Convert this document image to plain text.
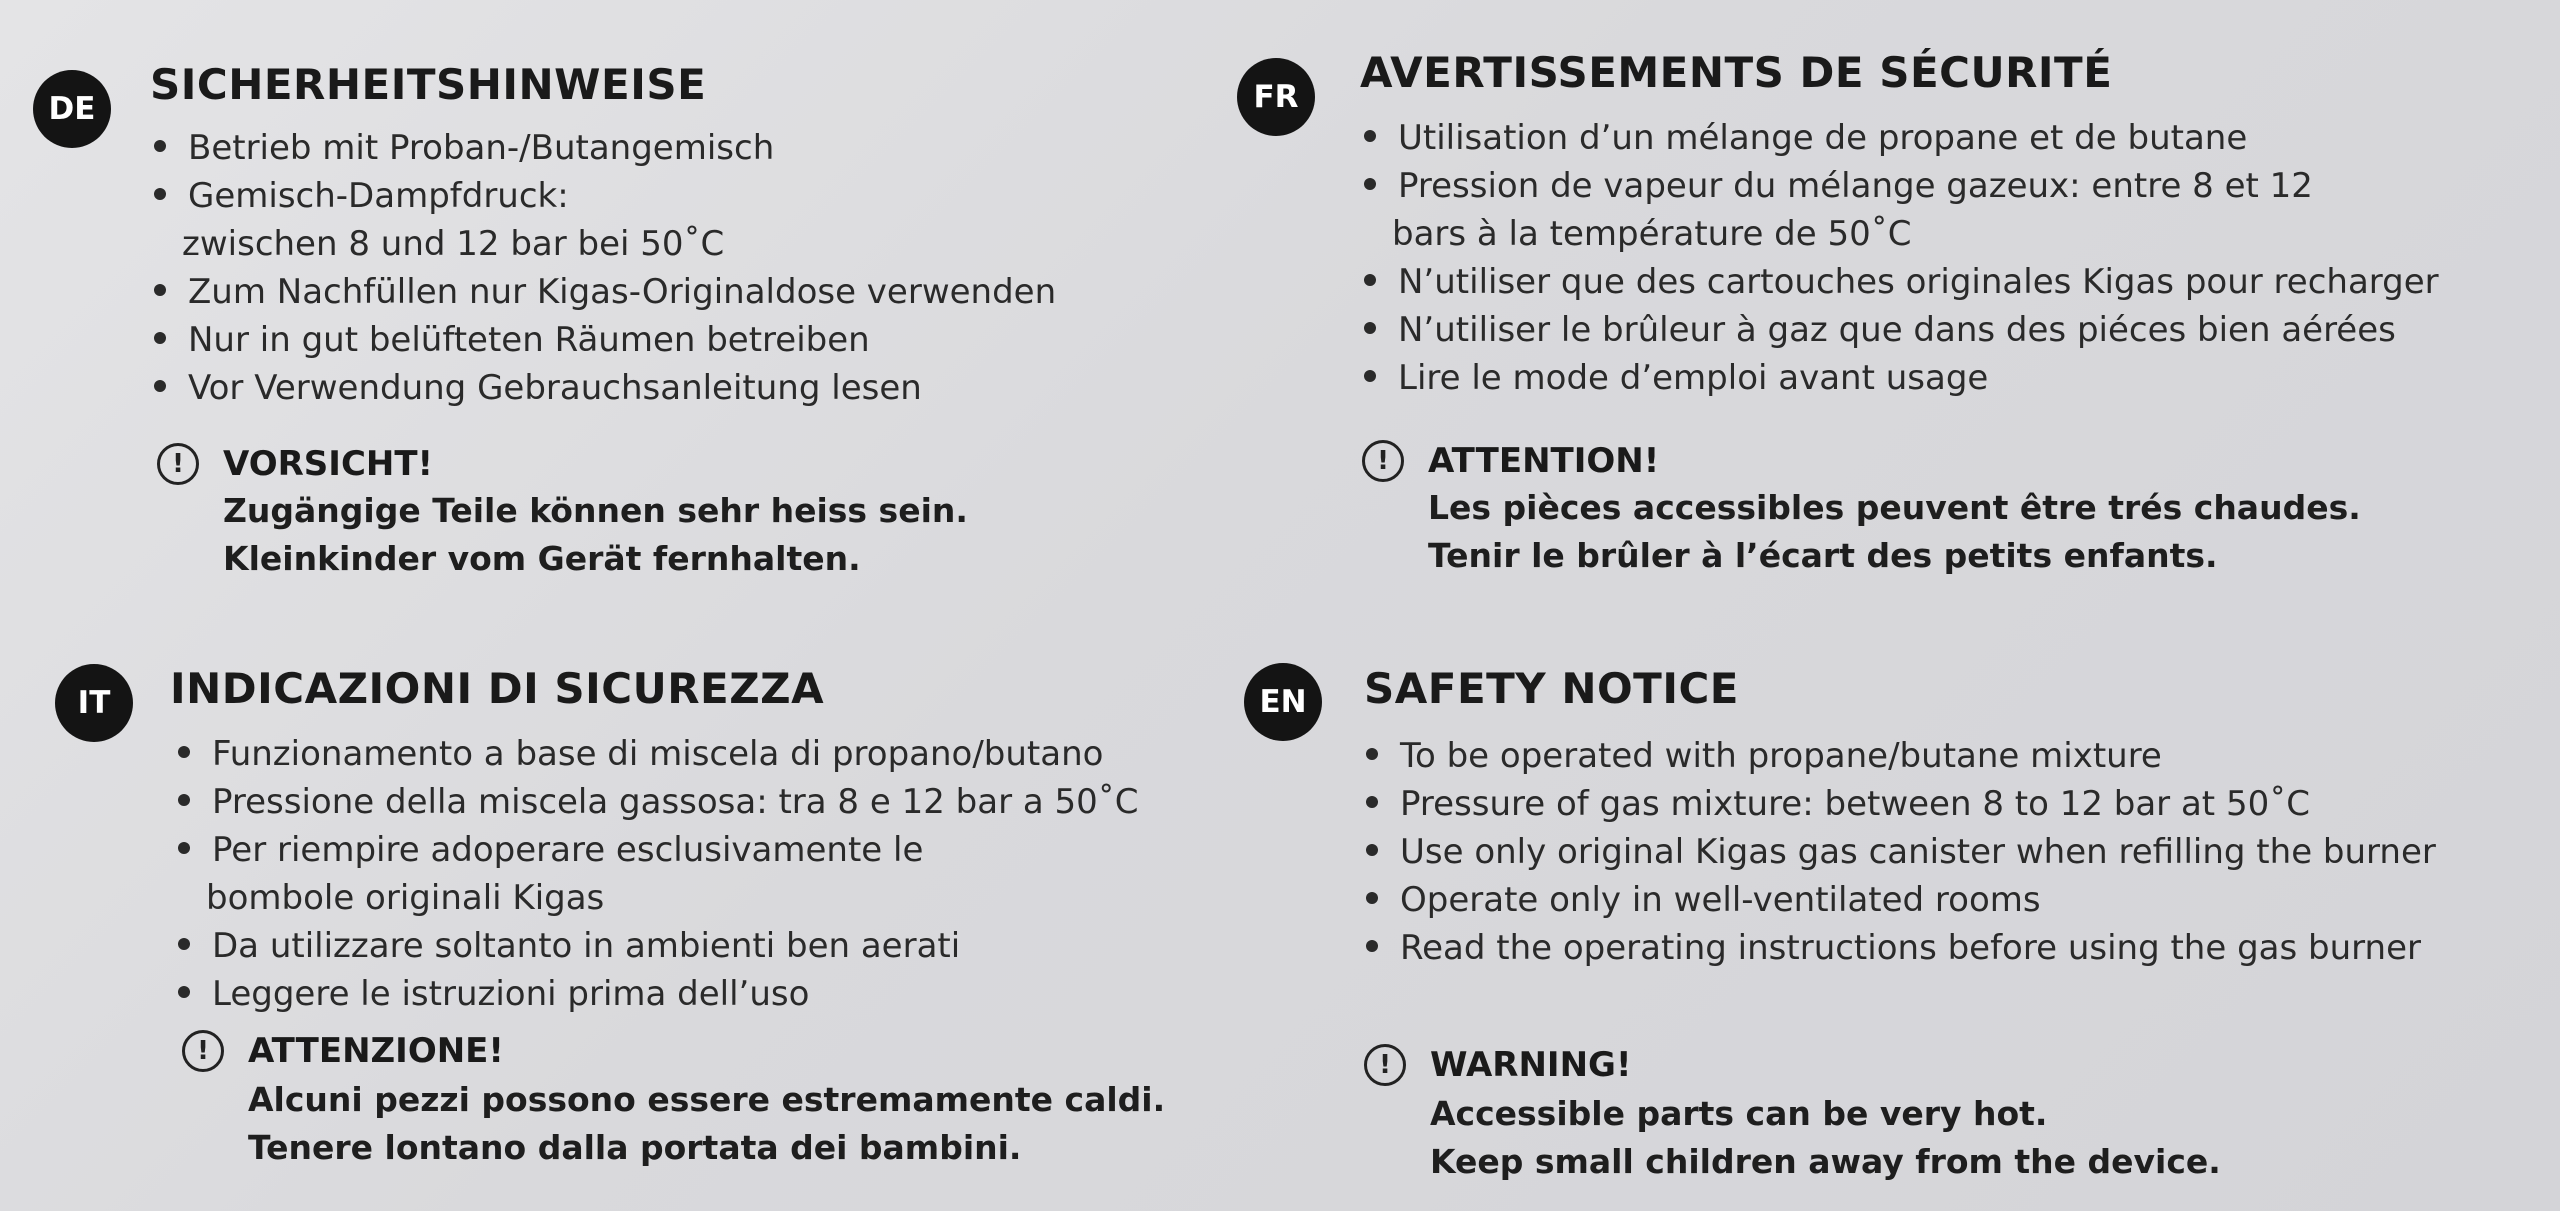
DE	SICHERHEITSHINWEISE
Betrieb mit Proban-/Butangemisch
Gemisch-Dampfdruck:
zwischen 8 und 12 bar bei 50˚C
Zum Nachfüllen nur Kigas-Originaldose verwenden
Nur in gut belüfteten Räumen betreiben
Vor Verwendung Gebrauchsanleitung lesen
!	VORSICHT!
Zugängige Teile können sehr heiss sein.
Kleinkinder vom Gerät fernhalten.
FR	AVERTISSEMENTS DE SÉCURITÉ
Utilisation d’un mélange de propane et de butane
Pression de vapeur du mélange gazeux: entre 8 et 12
bars à la température de 50˚C
N’utiliser que des cartouches originales Kigas pour recharger
N’utiliser le brûleur à gaz que dans des piéces bien aérées
Lire le mode d’emploi avant usage
!	ATTENTION!
Les pièces accessibles peuvent être trés chaudes.
Tenir le brûler à l’écart des petits enfants.
IT	INDICAZIONI DI SICUREZZA
Funzionamento a base di miscela di propano/butano
Pressione della miscela gassosa: tra 8 e 12 bar a 50˚C
Per riempire adoperare esclusivamente le
bombole originali Kigas
Da utilizzare soltanto in ambienti ben aerati
Leggere le istruzioni prima dell’uso
!	ATTENZIONE!
Alcuni pezzi possono essere estremamente caldi.
Tenere lontano dalla portata dei bambini.
EN	SAFETY NOTICE
To be operated with propane/butane mixture
Pressure of gas mixture: between 8 to 12 bar at 50˚C
Use only original Kigas gas canister when refilling the burner
Operate only in well-ventilated rooms
Read the operating instructions before using the gas burner
!	WARNING!
Accessible parts can be very hot.
Keep small children away from the device.
